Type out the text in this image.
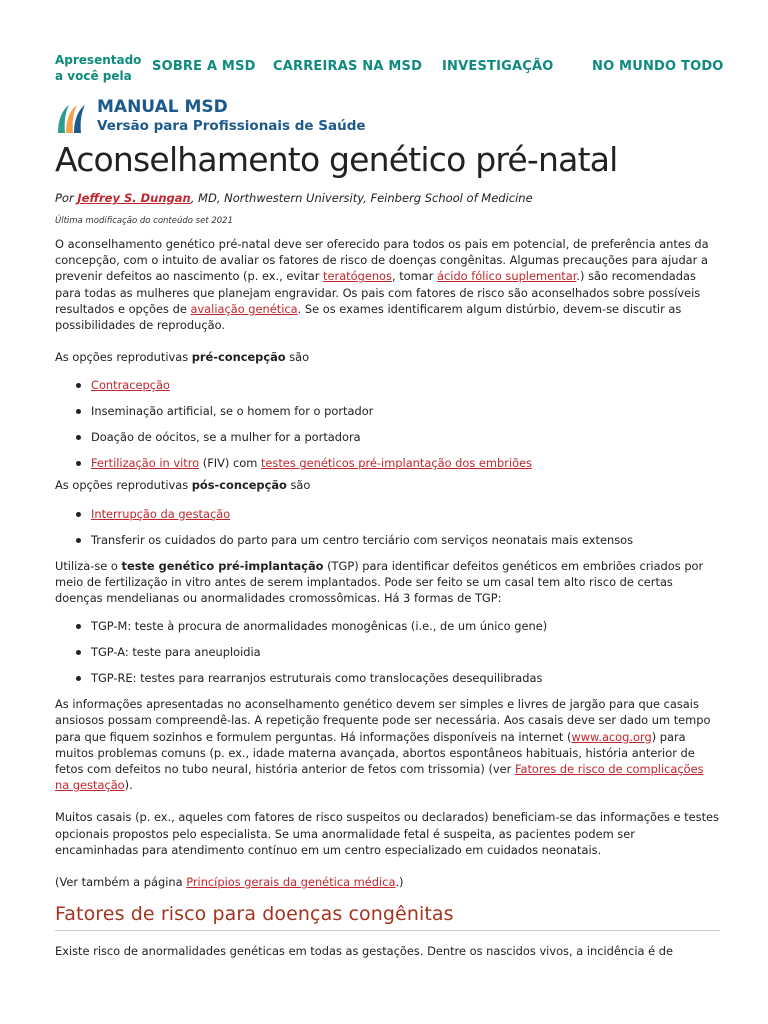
Apresentado a você pela
SOBRE A MSD CARREIRAS NA MSD INVESTIGAÇÃO	NO MUNDO TODO
MANUAL MSD
Versão para Profissionais de Saúde
Aconselhamento genético pré-natal
Por Jeffrey S. Dungan, MD, Northwestern University, Feinberg School of Medicine
Última modificação do conteúdo set 2021

O aconselhamento genético pré-natal deve ser oferecido para todos os pais em potencial, de preferência antes da concepção, com o intuito de avaliar os fatores de risco de doenças congênitas. Algumas precauções para ajudar a prevenir defeitos ao nascimento (p. ex., evitar teratógenos, tomar ácido fólico suplementar.) são recomendadas para todas as mulheres que planejam engravidar. Os pais com fatores de risco são aconselhados sobre possíveis resultados e opções de avaliação genética. Se os exames identificarem algum distúrbio, devem-se discutir as possibilidades de reprodução.

As opções reprodutivas pré-concepção são

Contracepção
Inseminação artificial, se o homem for o portador
Doação de oócitos, se a mulher for a portadora
Fertilização in vitro (FIV) com testes genéticos pré-implantação dos embriões

As opções reprodutivas pós-concepção são

Interrupção da gestação
Transferir os cuidados do parto para um centro terciário com serviços neonatais mais extensos

Utiliza-se o teste genético pré-implantação (TGP) para identificar defeitos genéticos em embriões criados por meio de fertilização in vitro antes de serem implantados. Pode ser feito se um casal tem alto risco de certas doenças mendelianas ou anormalidades cromossômicas. Há 3 formas de TGP:

TGP-M: teste à procura de anormalidades monogênicas (i.e., de um único gene)
TGP-A: teste para aneuploidia
TGP-RE: testes para rearranjos estruturais como translocações desequilibradas

As informações apresentadas no aconselhamento genético devem ser simples e livres de jargão para que casais ansiosos possam compreendê-las. A repetição frequente pode ser necessária. Aos casais deve ser dado um tempo para que fiquem sozinhos e formulem perguntas. Há informações disponíveis na internet (www.acog.org) para muitos problemas comuns (p. ex., idade materna avançada, abortos espontâneos habituais, história anterior de fetos com defeitos no tubo neural, história anterior de fetos com trissomia) (ver Fatores de risco de complicações na gestação).

Muitos casais (p. ex., aqueles com fatores de risco suspeitos ou declarados) beneficiam-se das informações e testes opcionais propostos pelo especialista. Se uma anormalidade fetal é suspeita, as pacientes podem ser encaminhadas para atendimento contínuo em um centro especializado em cuidados neonatais.

(Ver também a página Princípios gerais da genética médica.)

Fatores de risco para doenças congênitas

Existe risco de anormalidades genéticas em todas as gestações. Dentre os nascidos vivos, a incidência é de
